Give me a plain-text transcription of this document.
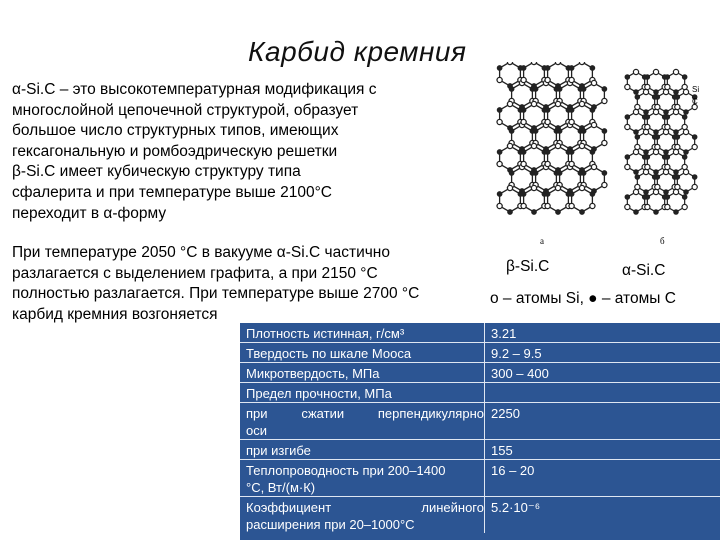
Карбид кремния
α-Si.C – это высокотемпературная модификация с
многослойной цепочечной структурой, образует
большое число структурных типов, имеющих
гексагональную и ромбоэдрическую решетки
β-Si.C имеет кубическую структуру типа
сфалерита и при температуре выше 2100°С
переходит в α-форму
При температуре 2050 °С в вакууме α-Si.C частично
разлагается с выделением графита, а при 2150 °С
полностью разлагается. При температуре выше 2700 °С
карбид кремния возгоняется
а	б
Si
C
β-Si.C	α-Si.C
о – атомы Si, ● – атомы С
Плотность истинная, г/см³	3.21
Твердость по шкале Мооса	9.2 – 9.5
Микротвердость, МПа	300 – 400
Предел прочности, МПа	

при сжатии перпендикулярно
оси	2250
при изгибе	155

Теплопроводность при 200–1400
°С, Вт/(м·К)	16 – 20

Коэффициент линейного
расширения при 20–1000°С	5.2·10⁻⁶
